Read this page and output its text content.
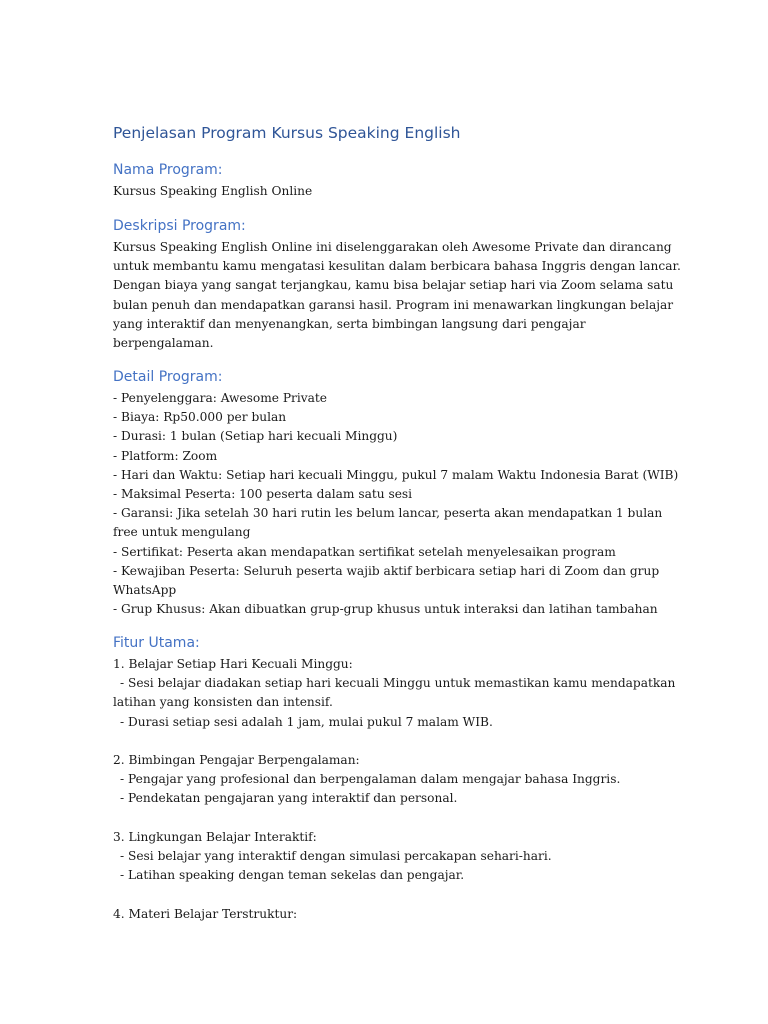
Penjelasan Program Kursus Speaking English
Nama Program:

Kursus Speaking English Online

Deskripsi Program:

Kursus Speaking English Online ini diselenggarakan oleh Awesome Private dan dirancang
untuk membantu kamu mengatasi kesulitan dalam berbicara bahasa Inggris dengan lancar.
Dengan biaya yang sangat terjangkau, kamu bisa belajar setiap hari via Zoom selama satu
bulan penuh dan mendapatkan garansi hasil. Program ini menawarkan lingkungan belajar
yang interaktif dan menyenangkan, serta bimbingan langsung dari pengajar
berpengalaman.

Detail Program:

- Penyelenggara: Awesome Private
- Biaya: Rp50.000 per bulan
- Durasi: 1 bulan (Setiap hari kecuali Minggu)
- Platform: Zoom
- Hari dan Waktu: Setiap hari kecuali Minggu, pukul 7 malam Waktu Indonesia Barat (WIB)
- Maksimal Peserta: 100 peserta dalam satu sesi
- Garansi: Jika setelah 30 hari rutin les belum lancar, peserta akan mendapatkan 1 bulan
free untuk mengulang
- Sertifikat: Peserta akan mendapatkan sertifikat setelah menyelesaikan program
- Kewajiban Peserta: Seluruh peserta wajib aktif berbicara setiap hari di Zoom dan grup
WhatsApp
- Grup Khusus: Akan dibuatkan grup-grup khusus untuk interaksi dan latihan tambahan

Fitur Utama:

1. Belajar Setiap Hari Kecuali Minggu:
- Sesi belajar diadakan setiap hari kecuali Minggu untuk memastikan kamu mendapatkan
latihan yang konsisten dan intensif.
- Durasi setiap sesi adalah 1 jam, mulai pukul 7 malam WIB.
2. Bimbingan Pengajar Berpengalaman:
- Pengajar yang profesional dan berpengalaman dalam mengajar bahasa Inggris.
- Pendekatan pengajaran yang interaktif dan personal.
3. Lingkungan Belajar Interaktif:
- Sesi belajar yang interaktif dengan simulasi percakapan sehari-hari.
- Latihan speaking dengan teman sekelas dan pengajar.
4. Materi Belajar Terstruktur:
